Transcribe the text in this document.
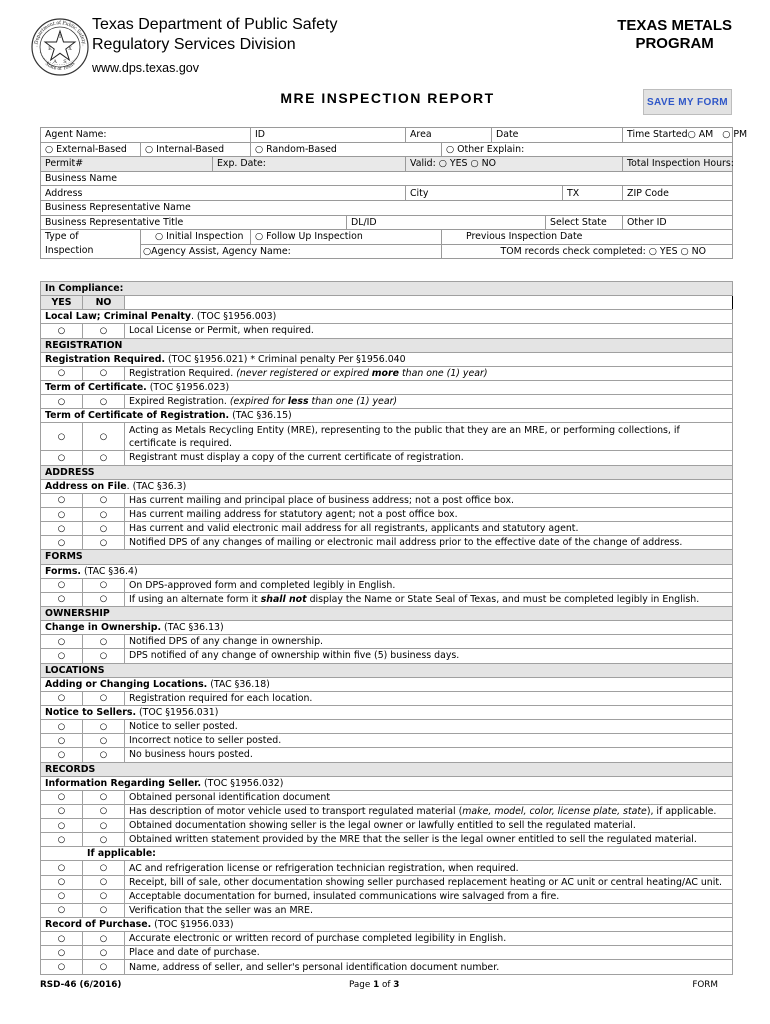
T
E	X
A S
Department of Public Safety
State of Texas
Texas Department of Public Safety
Regulatory Services Division
www.dps.texas.gov
TEXAS METALS
PROGRAM
MRE INSPECTION REPORT	SAVE MY FORM
Agent Name:			ID		Area		Date			Time Started ○ AM ○ PM

○ External-Based	○ Internal-Based		○ Random-Based			○ Other Explain:				
Permit#		Exp. Date:			Valid: ○ YES ○ NO					Total Inspection Hours:
Business Name										
Address					City				TX	ZIP Code
Business Representative Name										
Business Representative Title				DL/ID				Select State		Other ID

Type of
Inspection	○ Initial Inspection		○ Follow Up Inspection			Previous Inspection Date				
	○Agency Assist, Agency Name:					TOM records check completed: ○ YES ○ NO				
In Compliance:		
YES	NO	
Local Law; Criminal Penalty. (TOC §1956.003)		
○	○	Local License or Permit, when required.
REGISTRATION		
Registration Required. (TOC §1956.021) * Criminal penalty Per §1956.040		
○	○	Registration Required. (never registered or expired more than one (1) year)
Term of Certificate. (TOC §1956.023)		
○	○	Expired Registration. (expired for less than one (1) year)
Term of Certificate of Registration. (TAC §36.15)		
○	○	Acting as Metals Recycling Entity (MRE), representing to the public that they are an MRE, or performing collections, if certificate is required.
○	○	Registrant must display a copy of the current certificate of registration.
ADDRESS		
Address on File. (TAC §36.3)		
○	○	Has current mailing and principal place of business address; not a post office box.
○	○	Has current mailing address for statutory agent; not a post office box.
○	○	Has current and valid electronic mail address for all registrants, applicants and statutory agent.
○	○	Notified DPS of any changes of mailing or electronic mail address prior to the effective date of the change of address.
FORMS		
Forms. (TAC §36.4)		
○	○	On DPS-approved form and completed legibly in English.
○	○	If using an alternate form it shall not display the Name or State Seal of Texas, and must be completed legibly in English.
OWNERSHIP		
Change in Ownership. (TAC §36.13)		
○	○	Notified DPS of any change in ownership.
○	○	DPS notified of any change of ownership within five (5) business days.
LOCATIONS		
Adding or Changing Locations. (TAC §36.18)		
○	○	Registration required for each location.
Notice to Sellers. (TOC §1956.031)		
○	○	Notice to seller posted.
○	○	Incorrect notice to seller posted.
○	○	No business hours posted.
RECORDS		
Information Regarding Seller. (TOC §1956.032)		
○	○	Obtained personal identification document
○	○	Has description of motor vehicle used to transport regulated material (make, model, color, license plate, state), if applicable.
○	○	Obtained documentation showing seller is the legal owner or lawfully entitled to sell the regulated material.
○	○	Obtained written statement provided by the MRE that the seller is the legal owner entitled to sell the regulated material.
If applicable:		
○	○	AC and refrigeration license or refrigeration technician registration, when required.
○	○	Receipt, bill of sale, other documentation showing seller purchased replacement heating or AC unit or central heating/AC unit.
○	○	Acceptable documentation for burned, insulated communications wire salvaged from a fire.
○	○	Verification that the seller was an MRE.
Record of Purchase. (TOC §1956.033)		
○	○	Accurate electronic or written record of purchase completed legibility in English.
○	○	Place and date of purchase.
○	○	Name, address of seller, and seller's personal identification document number.
RSD-46 (6/2016)	Page 1 of 3	FORM
